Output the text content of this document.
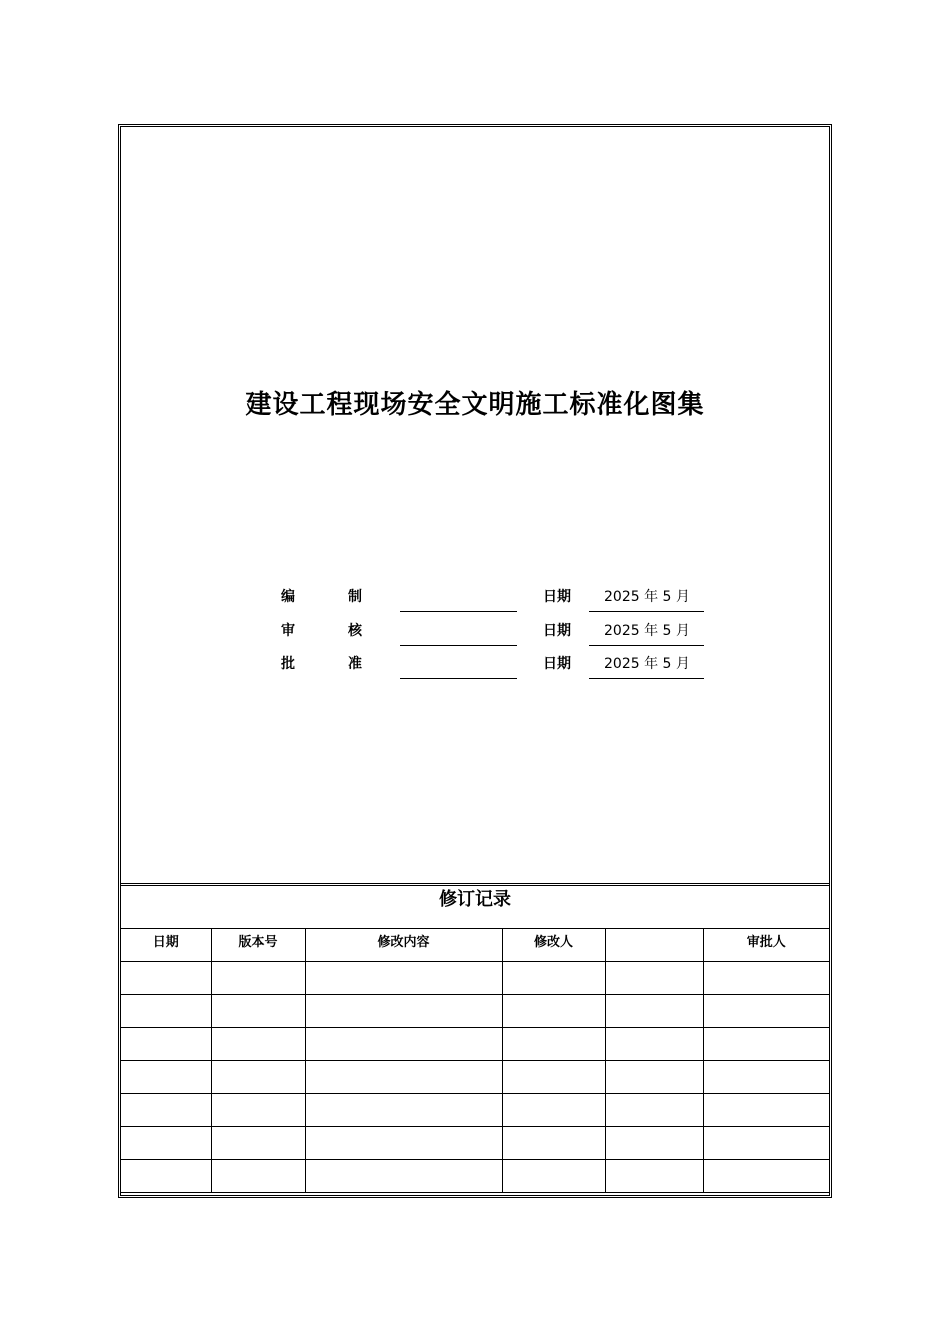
建设工程现场安全文明施工标准化图集
编	制	日期 2025 年 5 月
审	核	日期 2025 年 5 月
批	准	日期 2025 年 5 月
修订记录
日期	版本号	修改内容	修改人		审批人
